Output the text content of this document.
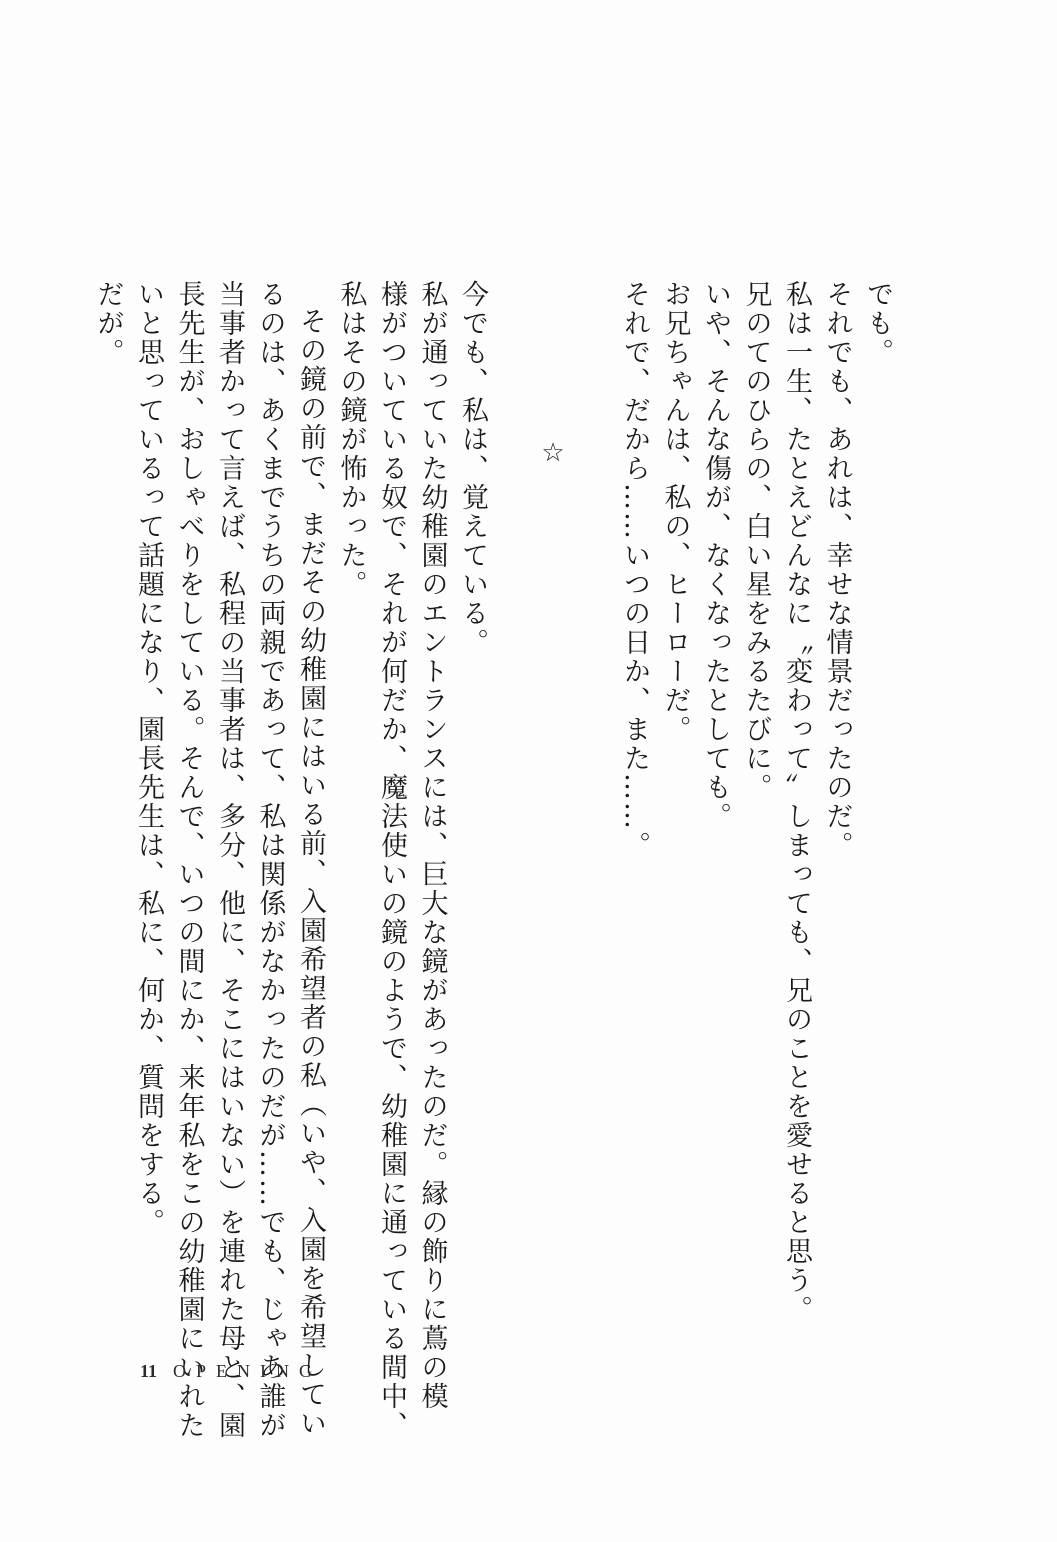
でも。
それでも、あれは、幸せな情景だったのだ。
私は一生、たとえどんなに〝変わって〟しまっても、兄のことを愛せると思う。
兄のてのひらの、白い星をみるたびに。
いや、そんな傷が、なくなったとしても。
お兄ちゃんは、私の、ヒーローだ。
それで、だから……いつの日か、また……。
☆
今でも、私は、覚えている。
私が通っていた幼稚園のエントランスには、巨大な鏡があったのだ。縁の飾りに蔦の模
様がついている奴で、それが何だか、魔法使いの鏡のようで、幼稚園に通っている間中、
私はその鏡が怖かった。
その鏡の前で、まだその幼稚園にはいる前、入園希望者の私（いや、入園を希望してい
るのは、あくまでうちの両親であって、私は関係がなかったのだが……でも、じゃあ誰が
当事者かって言えば、私程の当事者は、多分、他に、そこにはいない）を連れた母と、園
長先生が、おしゃべりをしている。そんで、いつの間にか、来年私をこの幼稚園にいれた
いと思っているって話題になり、園長先生は、私に、何か、質問をする。
だが。
11 OPENING
